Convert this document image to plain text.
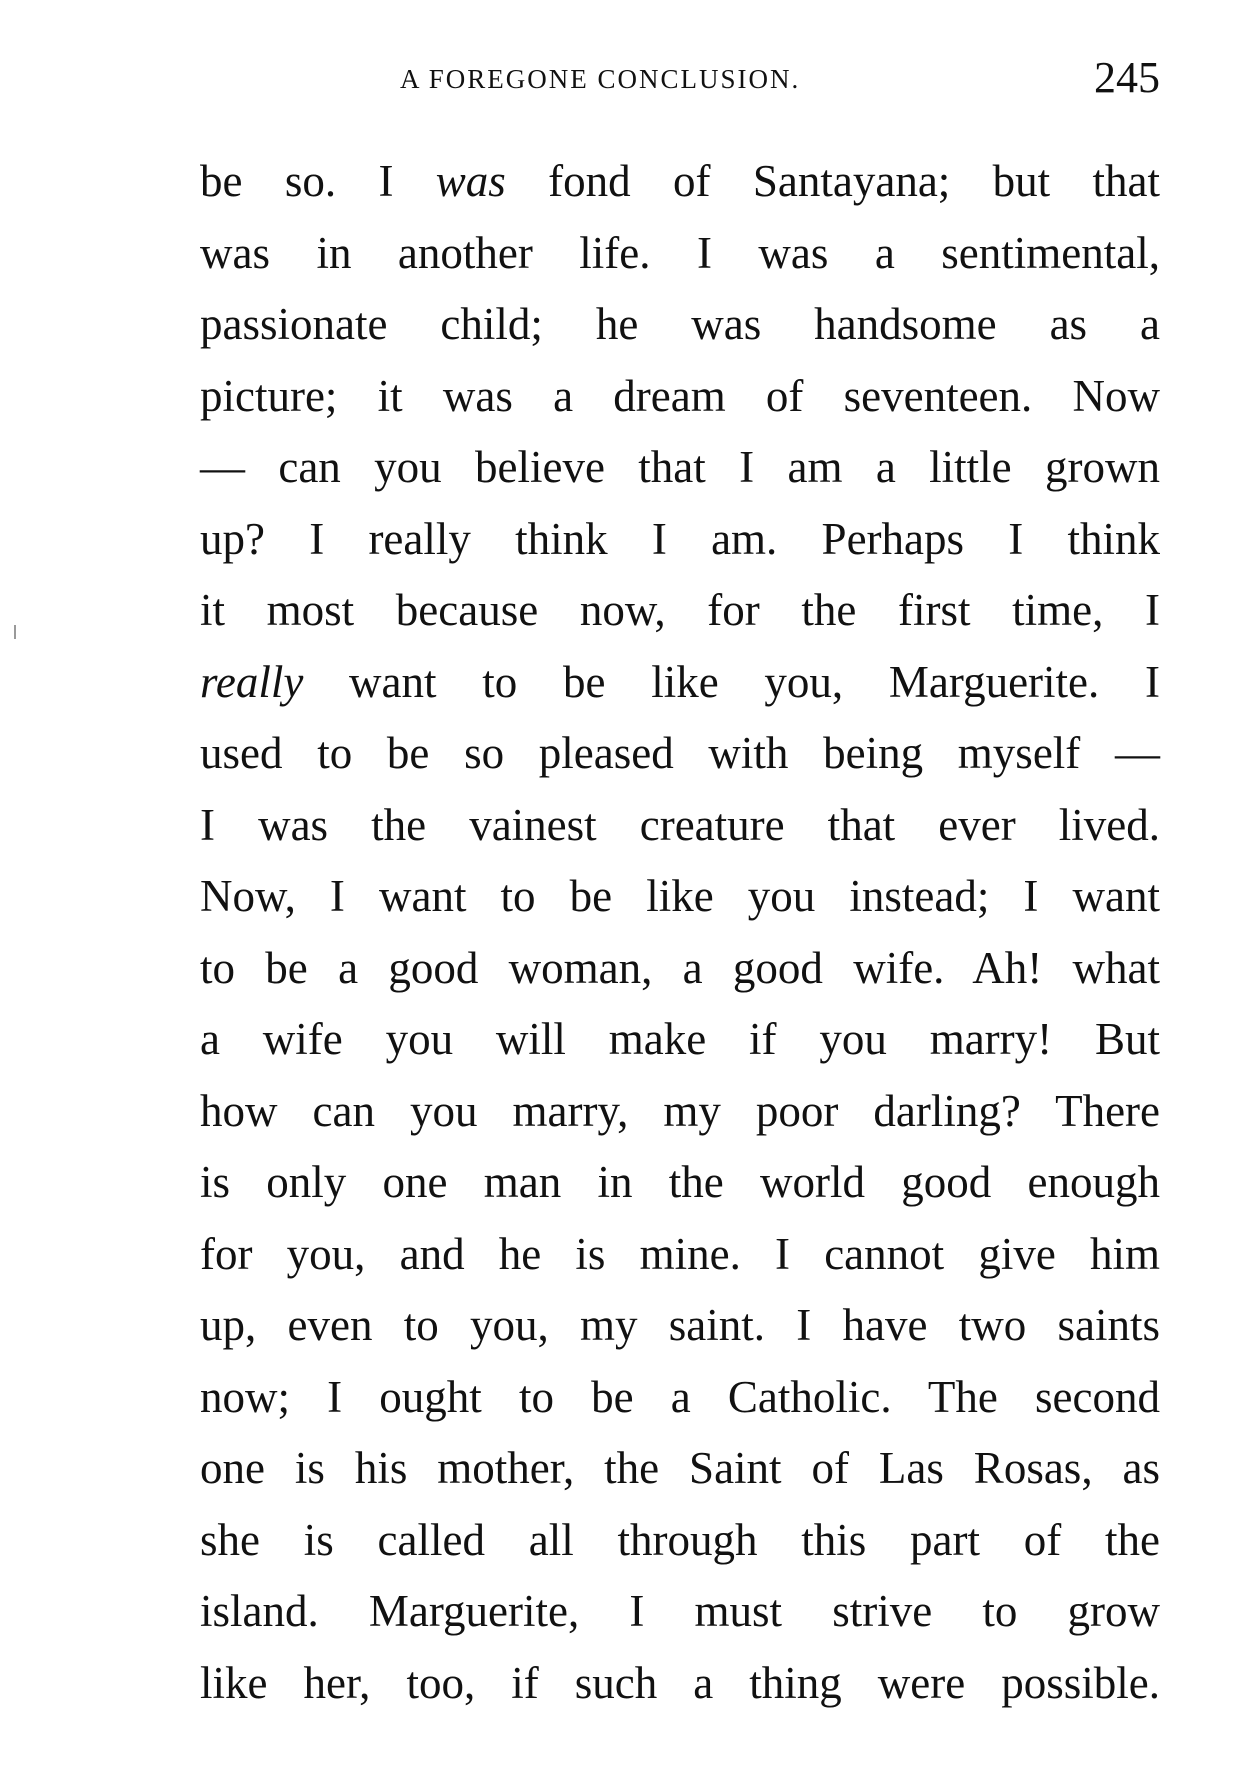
A FOREGONE CONCLUSION.	245
be so. I was fond of Santayana; but that
was in another life. I was a sentimental,
passionate child; he was handsome as a
picture; it was a dream of seventeen. Now
— can you believe that I am a little grown
up? I really think I am. Perhaps I think
it most because now, for the first time, I
really want to be like you, Marguerite. I
used to be so pleased with being myself —
I was the vainest creature that ever lived.
Now, I want to be like you instead; I want
to be a good woman, a good wife. Ah! what
a wife you will make if you marry! But
how can you marry, my poor darling? There
is only one man in the world good enough
for you, and he is mine. I cannot give him
up, even to you, my saint. I have two saints
now; I ought to be a Catholic. The second
one is his mother, the Saint of Las Rosas, as
she is called all through this part of the
island. Marguerite, I must strive to grow
like her, too, if such a thing were possible.
